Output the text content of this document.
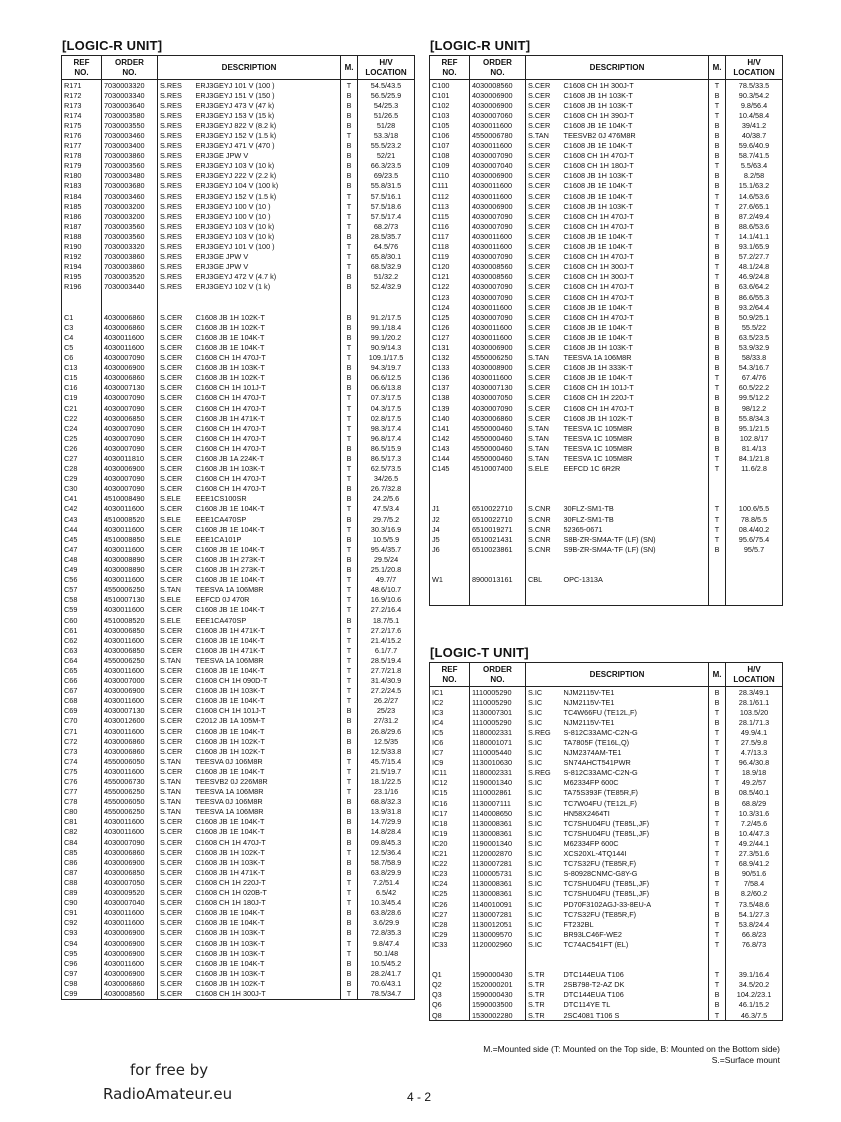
[LOGIC-R UNIT]
REF
NO.	ORDER
NO.	DESCRIPTION		M.	H/V
LOCATION
R171	7030003320	S.RES	ERJ3GEYJ 101 V (100 )	T	54.5/43.5
R172	7030003340	S.RES	ERJ3GEYJ 151 V (150 )	B	56.5/25.9
R173	7030003640	S.RES	ERJ3GEYJ 473 V (47 k)	B	54/25.3
R174	7030003580	S.RES	ERJ3GEYJ 153 V (15 k)	B	51/26.5
R175	7030003550	S.RES	ERJ3GEYJ 822 V (8.2 k)	B	51/28
R176	7030003460	S.RES	ERJ3GEYJ 152 V (1.5 k)	T	53.3/18
R177	7030003400	S.RES	ERJ3GEYJ 471 V (470 )	B	55.5/23.2
R178	7030003860	S.RES	ERJ3GE JPW V	B	52/21
R179	7030003560	S.RES	ERJ3GEYJ 103 V (10 k)	B	66.3/23.5
R180	7030003480	S.RES	ERJ3GEYJ 222 V (2.2 k)	B	69/23.5
R183	7030003680	S.RES	ERJ3GEYJ 104 V (100 k)	B	55.8/31.5
R184	7030003460	S.RES	ERJ3GEYJ 152 V (1.5 k)	T	57.5/16.1
R185	7030003200	S.RES	ERJ3GEYJ 100 V (10 )	T	57.5/18.6
R186	7030003200	S.RES	ERJ3GEYJ 100 V (10 )	T	57.5/17.4
R187	7030003560	S.RES	ERJ3GEYJ 103 V (10 k)	T	68.2/73
R188	7030003560	S.RES	ERJ3GEYJ 103 V (10 k)	B	28.5/35.7
R190	7030003320	S.RES	ERJ3GEYJ 101 V (100 )	T	64.5/76
R192	7030003860	S.RES	ERJ3GE JPW V	T	65.8/30.1
R194	7030003860	S.RES	ERJ3GE JPW V	T	68.5/32.9
R195	7030003520	S.RES	ERJ3GEYJ 472 V (4.7 k)	B	51/32.2
R196	7030003440	S.RES	ERJ3GEYJ 102 V (1 k)	B	52.4/32.9

C1	4030006860	S.CER	C1608 JB 1H 102K-T	B	91.2/17.5
C3	4030006860	S.CER	C1608 JB 1H 102K-T	B	99.1/18.4
C4	4030011600	S.CER	C1608 JB 1E 104K-T	B	99.1/20.2
C5	4030011600	S.CER	C1608 JB 1E 104K-T	T	90.9/14.3
C6	4030007090	S.CER	C1608 CH 1H 470J-T	T	109.1/17.5
C13	4030006900	S.CER	C1608 JB 1H 103K-T	B	94.3/19.7
C15	4030006860	S.CER	C1608 JB 1H 102K-T	B	06.6/12.5
C16	4030007130	S.CER	C1608 CH 1H 101J-T	B	06.6/13.8
C19	4030007090	S.CER	C1608 CH 1H 470J-T	T	07.3/17.5
C21	4030007090	S.CER	C1608 CH 1H 470J-T	T	04.3/17.5
C22	4030006850	S.CER	C1608 JB 1H 471K-T	T	02.8/17.5
C24	4030007090	S.CER	C1608 CH 1H 470J-T	T	98.3/17.4
C25	4030007090	S.CER	C1608 CH 1H 470J-T	T	96.8/17.4
C26	4030007090	S.CER	C1608 CH 1H 470J-T	B	86.5/15.9
C27	4030011810	S.CER	C1608 JB 1A 224K-T	B	86.5/17.3
C28	4030006900	S.CER	C1608 JB 1H 103K-T	T	62.5/73.5
C29	4030007090	S.CER	C1608 CH 1H 470J-T	T	34/26.5
C30	4030007090	S.CER	C1608 CH 1H 470J-T	B	26.7/32.8
C41	4510008490	S.ELE	EEE1CS100SR	B	24.2/5.6
C42	4030011600	S.CER	C1608 JB 1E 104K-T	T	47.5/3.4
C43	4510008520	S.ELE	EEE1CA470SP	B	29.7/5.2
C44	4030011600	S.CER	C1608 JB 1E 104K-T	T	30.3/16.9
C45	4510008850	S.ELE	EEE1CA101P	B	10.5/5.9
C47	4030011600	S.CER	C1608 JB 1E 104K-T	T	95.4/35.7
C48	4030008890	S.CER	C1608 JB 1H 273K-T	B	29.5/24
C49	4030008890	S.CER	C1608 JB 1H 273K-T	B	25.1/20.8
C56	4030011600	S.CER	C1608 JB 1E 104K-T	T	49.7/7
C57	4550006250	S.TAN	TEESVA 1A 106M8R	T	48.6/10.7
C58	4510007130	S.ELE	EEFCD 0J 470R	T	16.9/10.6
C59	4030011600	S.CER	C1608 JB 1E 104K-T	T	27.2/16.4
C60	4510008520	S.ELE	EEE1CA470SP	B	18.7/5.1
C61	4030006850	S.CER	C1608 JB 1H 471K-T	T	27.2/17.6
C62	4030011600	S.CER	C1608 JB 1E 104K-T	T	21.4/15.2
C63	4030006850	S.CER	C1608 JB 1H 471K-T	T	6.1/7.7
C64	4550006250	S.TAN	TEESVA 1A 106M8R	T	28.5/19.4
C65	4030011600	S.CER	C1608 JB 1E 104K-T	T	27.7/21.8
C66	4030007000	S.CER	C1608 CH 1H 090D-T	T	31.4/30.9
C67	4030006900	S.CER	C1608 JB 1H 103K-T	T	27.2/24.5
C68	4030011600	S.CER	C1608 JB 1E 104K-T	T	26.2/27
C69	4030007130	S.CER	C1608 CH 1H 101J-T	B	25/23
C70	4030012600	S.CER	C2012 JB 1A 105M-T	B	27/31.2
C71	4030011600	S.CER	C1608 JB 1E 104K-T	B	26.8/29.6
C72	4030006860	S.CER	C1608 JB 1H 102K-T	B	12.5/35
C73	4030006860	S.CER	C1608 JB 1H 102K-T	B	12.5/33.8
C74	4550006050	S.TAN	TEESVA 0J 106M8R	T	45.7/15.4
C75	4030011600	S.CER	C1608 JB 1E 104K-T	T	21.5/19.7
C76	4550006730	S.TAN	TEESVB2 0J 226M8R	T	18.1/22.5
C77	4550006250	S.TAN	TEESVA 1A 106M8R	T	23.1/16
C78	4550006050	S.TAN	TEESVA 0J 106M8R	B	68.8/32.3
C80	4550006250	S.TAN	TEESVA 1A 106M8R	B	13.9/31.8
C81	4030011600	S.CER	C1608 JB 1E 104K-T	B	14.7/29.9
C82	4030011600	S.CER	C1608 JB 1E 104K-T	B	14.8/28.4
C84	4030007090	S.CER	C1608 CH 1H 470J-T	B	09.8/45.3
C85	4030006860	S.CER	C1608 JB 1H 102K-T	T	12.5/36.4
C86	4030006900	S.CER	C1608 JB 1H 103K-T	B	58.7/58.9
C87	4030006850	S.CER	C1608 JB 1H 471K-T	B	63.8/29.9
C88	4030007050	S.CER	C1608 CH 1H 220J-T	T	7.2/51.4
C89	4030009520	S.CER	C1608 CH 1H 020B-T	T	6.5/42
C90	4030007040	S.CER	C1608 CH 1H 180J-T	T	10.3/45.4
C91	4030011600	S.CER	C1608 JB 1E 104K-T	B	63.8/28.6
C92	4030011600	S.CER	C1608 JB 1E 104K-T	B	3.6/29.9
C93	4030006900	S.CER	C1608 JB 1H 103K-T	B	72.8/35.3
C94	4030006900	S.CER	C1608 JB 1H 103K-T	T	9.8/47.4
C95	4030006900	S.CER	C1608 JB 1H 103K-T	T	50.1/48
C96	4030011600	S.CER	C1608 JB 1E 104K-T	B	10.5/45.2
C97	4030006900	S.CER	C1608 JB 1H 103K-T	B	28.2/41.7
C98	4030006860	S.CER	C1608 JB 1H 102K-T	B	70.6/43.1
C99	4030008560	S.CER	C1608 CH 1H 300J-T	T	78.5/34.7
[LOGIC-R UNIT]
REF
NO.	ORDER
NO.	DESCRIPTION		M.	H/V
LOCATION
C100	4030008560	S.CER	C1608 CH 1H 300J-T	T	78.5/33.5
C101	4030006900	S.CER	C1608 JB 1H 103K-T	B	90.3/54.2
C102	4030006900	S.CER	C1608 JB 1H 103K-T	T	9.8/56.4
C103	4030007060	S.CER	C1608 CH 1H 390J-T	T	10.4/58.4
C105	4030011600	S.CER	C1608 JB 1E 104K-T	B	39/41.2
C106	4550006780	S.TAN	TEESVB2 0J 476M8R	B	40/38.7
C107	4030011600	S.CER	C1608 JB 1E 104K-T	B	59.6/40.9
C108	4030007090	S.CER	C1608 CH 1H 470J-T	B	58.7/41.5
C109	4030007040	S.CER	C1608 CH 1H 180J-T	T	5.5/63.4
C110	4030006900	S.CER	C1608 JB 1H 103K-T	B	8.2/58
C111	4030011600	S.CER	C1608 JB 1E 104K-T	B	15.1/63.2
C112	4030011600	S.CER	C1608 JB 1E 104K-T	T	14.6/53.6
C113	4030006900	S.CER	C1608 JB 1H 103K-T	T	27.6/65.1
C115	4030007090	S.CER	C1608 CH 1H 470J-T	B	87.2/49.4
C116	4030007090	S.CER	C1608 CH 1H 470J-T	B	88.6/53.6
C117	4030011600	S.CER	C1608 JB 1E 104K-T	T	14.1/41.1
C118	4030011600	S.CER	C1608 JB 1E 104K-T	B	93.1/65.9
C119	4030007090	S.CER	C1608 CH 1H 470J-T	B	57.2/27.7
C120	4030008560	S.CER	C1608 CH 1H 300J-T	T	48.1/24.8
C121	4030008560	S.CER	C1608 CH 1H 300J-T	T	46.9/24.8
C122	4030007090	S.CER	C1608 CH 1H 470J-T	B	63.6/64.2
C123	4030007090	S.CER	C1608 CH 1H 470J-T	B	86.6/55.3
C124	4030011600	S.CER	C1608 JB 1E 104K-T	B	93.2/64.4
C125	4030007090	S.CER	C1608 CH 1H 470J-T	B	50.9/25.1
C126	4030011600	S.CER	C1608 JB 1E 104K-T	B	55.5/22
C127	4030011600	S.CER	C1608 JB 1E 104K-T	B	63.5/23.5
C131	4030006900	S.CER	C1608 JB 1H 103K-T	B	53.9/32.9
C132	4550006250	S.TAN	TEESVA 1A 106M8R	B	58/33.8
C133	4030008900	S.CER	C1608 JB 1H 333K-T	B	54.3/16.7
C136	4030011600	S.CER	C1608 JB 1E 104K-T	T	67.4/76
C137	4030007130	S.CER	C1608 CH 1H 101J-T	T	60.5/22.2
C138	4030007050	S.CER	C1608 CH 1H 220J-T	B	99.5/12.2
C139	4030007090	S.CER	C1608 CH 1H 470J-T	B	98/12.2
C140	4030006860	S.CER	C1608 JB 1H 102K-T	B	55.8/34.3
C141	4550000460	S.TAN	TEESVA 1C 105M8R	B	95.1/21.5
C142	4550000460	S.TAN	TEESVA 1C 105M8R	B	102.8/17
C143	4550000460	S.TAN	TEESVA 1C 105M8R	B	81.4/13
C144	4550000460	S.TAN	TEESVA 1C 105M8R	T	84.1/21.8
C145	4510007400	S.ELE	EEFCD 1C 6R2R	T	11.6/2.8

J1	6510022710	S.CNR	30FLZ-SM1-TB	T	100.6/5.5
J2	6510022710	S.CNR	30FLZ-SM1-TB	T	78.8/5.5
J4	6510019271	S.CNR	52365-0671	T	08.4/40.2
J5	6510021431	S.CNR	S8B-ZR-SM4A-TF (LF) (SN)	T	95.6/75.4
J6	6510023861	S.CNR	S9B-ZR-SM4A-TF (LF) (SN)	B	95/5.7

W1	8900013161	CBL	OPC-1313A		

[LOGIC-T UNIT]
REF
NO.	ORDER
NO.	DESCRIPTION		M.	H/V
LOCATION
IC1	1110005290	S.IC	NJM2115V-TE1	B	28.3/49.1
IC2	1110005290	S.IC	NJM2115V-TE1	B	28.1/61.1
IC3	1130007301	S.IC	TC4W66FU (TE12L,F)	T	103.5/20
IC4	1110005290	S.IC	NJM2115V-TE1	B	28.1/71.3
IC5	1180002331	S.REG	S-812C33AMC-C2N-G	T	49.9/4.1
IC6	1180001071	S.IC	TA7805F (TE16L,Q)	T	27.5/9.8
IC7	1110005440	S.IC	NJM2374AM-TE1	T	4.7/13.3
IC9	1130010630	S.IC	SN74AHCT541PWR	T	96.4/30.8
IC11	1180002331	S.REG	S-812C33AMC-C2N-G	T	18.9/18
IC12	1190001340	S.IC	M62334FP 600C	T	49.2/57
IC15	1110002861	S.IC	TA75S393F (TE85R,F)	B	08.5/40.1
IC16	1130007111	S.IC	TC7W04FU (TE12L,F)	B	68.8/29
IC17	1140008650	S.IC	HN58X2464TI	T	10.3/31.6
IC18	1130008361	S.IC	TC7SHU04FU (TE85L,JF)	T	7.2/45.6
IC19	1130008361	S.IC	TC7SHU04FU (TE85L,JF)	B	10.4/47.3
IC20	1190001340	S.IC	M62334FP 600C	T	49.2/44.1
IC21	1120002870	S.IC	XCS20XL-4TQ144I	T	27.3/51.6
IC22	1130007281	S.IC	TC7S32FU (TE85R,F)	T	68.9/41.2
IC23	1100005731	S.IC	S-80928CNMC-G8Y-G	B	90/51.6
IC24	1130008361	S.IC	TC7SHU04FU (TE85L,JF)	T	7/58.4
IC25	1130008361	S.IC	TC7SHU04FU (TE85L,JF)	B	8.2/60.2
IC26	1140010091	S.IC	PD70F3102AGJ-33-8EU-A	T	73.5/48.6
IC27	1130007281	S.IC	TC7S32FU (TE85R,F)	B	54.1/27.3
IC28	1130012051	S.IC	FT232BL	T	53.8/24.4
IC29	1130009570	S.IC	BR93LC46F-WE2	T	66.8/23
IC33	1120002960	S.IC	TC74AC541FT (EL)	T	76.8/73

Q1	1590000430	S.TR	DTC144EUA T106	T	39.1/16.4
Q2	1520000201	S.TR	2SB798-T2-AZ DK	T	34.5/20.2
Q3	1590000430	S.TR	DTC144EUA T106	B	104.2/23.1
Q6	1590003500	S.TR	DTC114YE TL	B	46.1/15.2
Q8	1530002280	S.TR	2SC4081 T106 S	T	46.3/7.5
M.=Mounted side (T: Mounted on the Top side, B: Mounted on the Bottom side)
S.=Surface mount
for free by
RadioAmateur.eu	4 - 2
